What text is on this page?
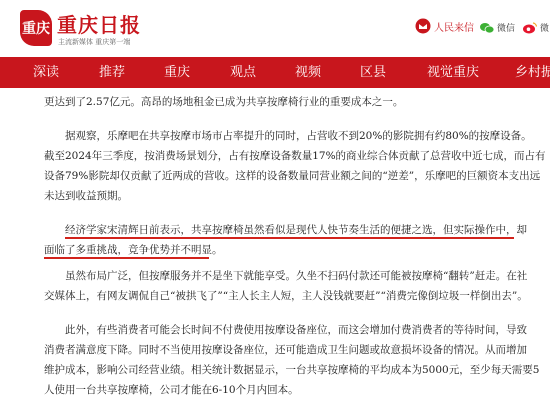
重庆 重庆日报
主流新媒体 重庆第一端
人民来信	微信	微
深读	推荐	重庆	观点	视频	区县	视觉重庆	乡村振
更达到了2.57亿元。高昂的场地租金已成为共享按摩椅行业的重要成本之一。
据观察，乐摩吧在共享按摩市场市占率提升的同时，占营收不到20%的影院拥有约80%的按摩设备。
截至2024年三季度，按消费场景划分，占有按摩设备数量17%的商业综合体贡献了总营收中近七成，而占有
设备79%影院却仅贡献了近两成的营收。这样的设备数量同营业额之间的“逆差”，乐摩吧的巨额资本支出远
未达到收益预期。
经济学家宋清辉日前表示，共享按摩椅虽然看似是现代人快节奏生活的便捷之选，但实际操作中，却
面临了多重挑战，竞争优势并不明显。
虽然布局广泛，但按摩服务并不是坐下就能享受。久坐不扫码付款还可能被按摩椅“翻转”赶走。在社
交媒体上，有网友调侃自己“被拱飞了”“主人长主人短，主人没钱就要赶”“消费完像倒垃圾一样倒出去”。
此外，有些消费者可能会长时间不付费使用按摩设备座位，而这会增加付费消费者的等待时间，导致
消费者满意度下降。同时不当使用按摩设备座位，还可能造成卫生问题或故意损坏设备的情况。从而增加
维护成本，影响公司经营业绩。相关统计数据显示，一台共享按摩椅的平均成本为5000元，至少每天需要5
人使用一台共享按摩椅，公司才能在6-10个月内回本。
